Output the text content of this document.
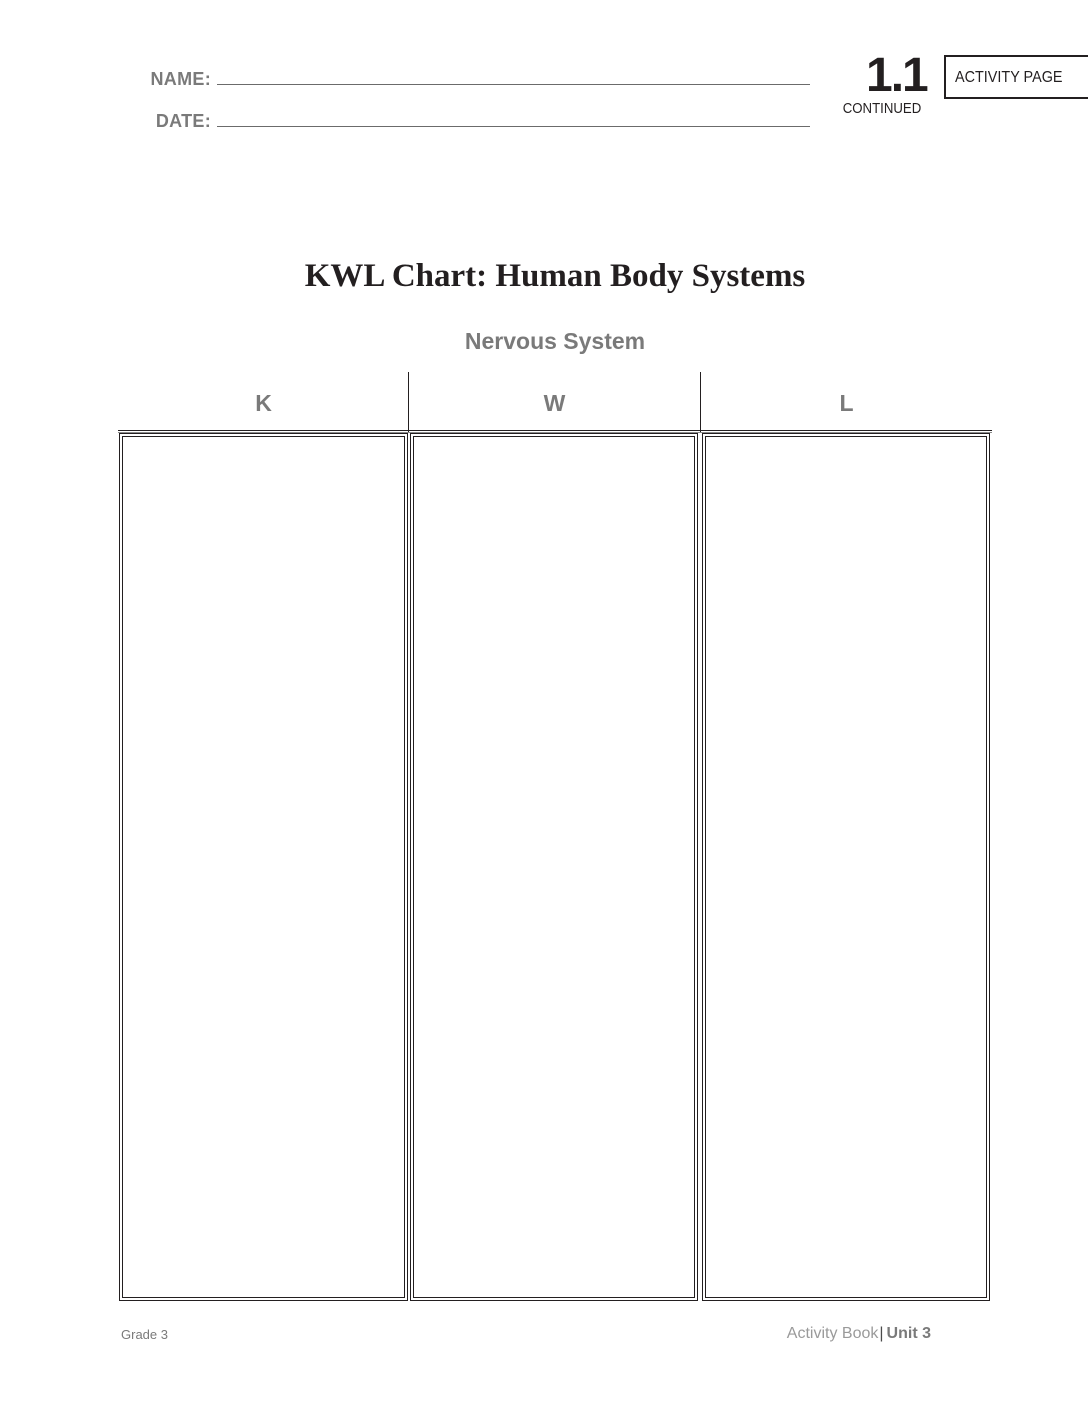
NAME:
DATE:
1.1
CONTINUED
ACTIVITY PAGE
KWL Chart: Human Body Systems
Nervous System
K	W	L
Grade 3	Activity Book| Unit 3
